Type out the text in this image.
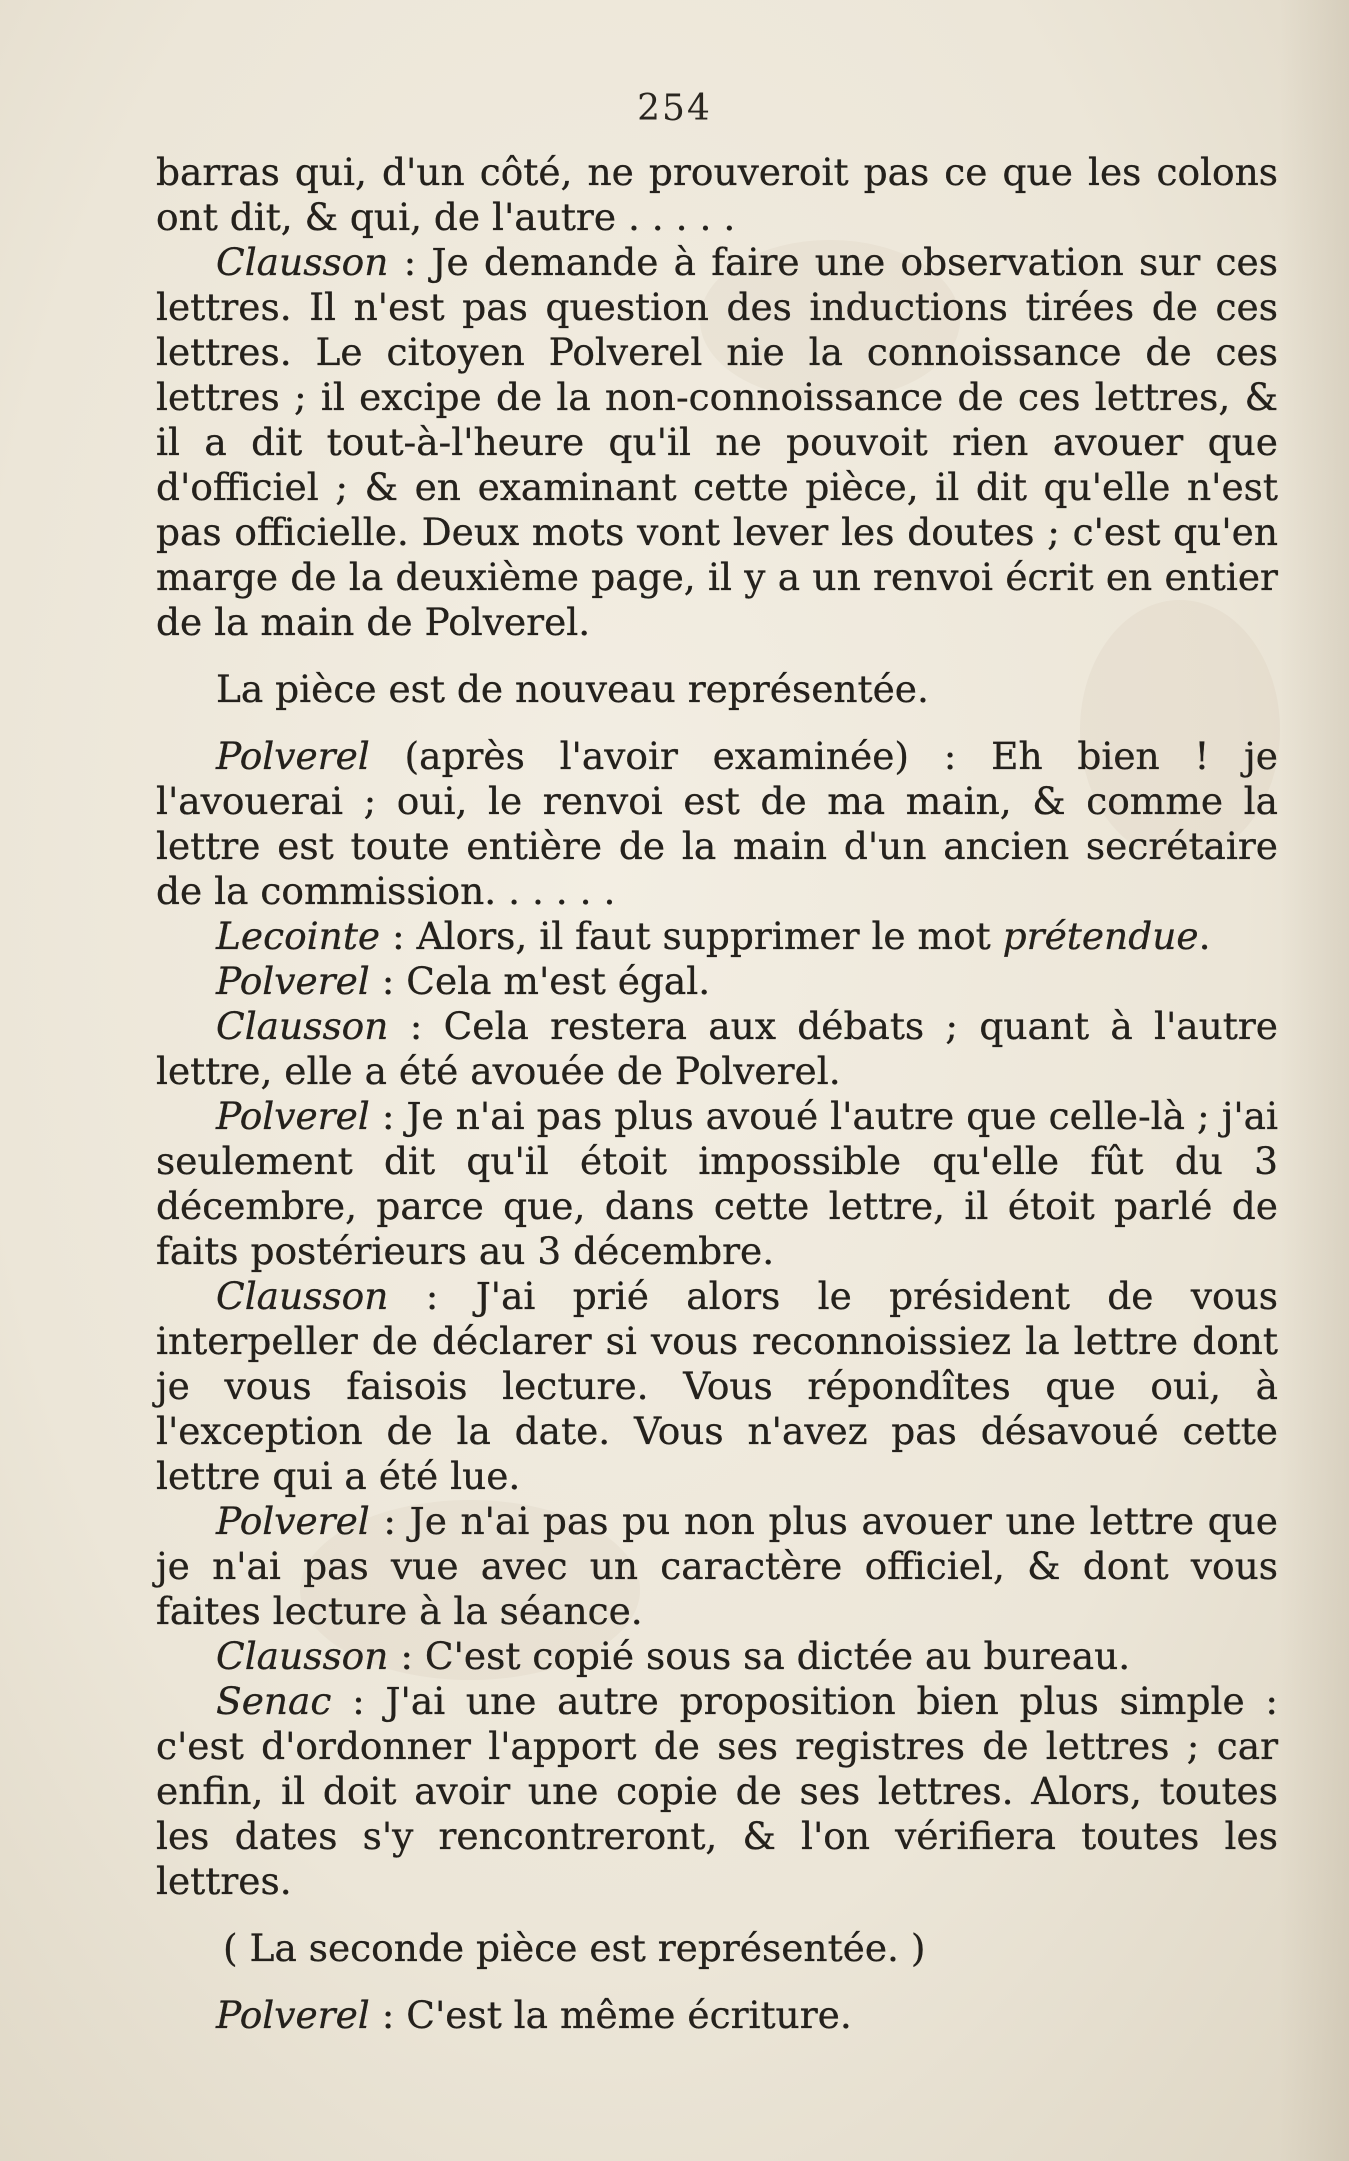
254

barras qui, d'un côté, ne prouveroit pas ce que les colons ont dit, & qui, de l'autre . . . . .

Clausson : Je demande à faire une observation sur ces lettres. Il n'est pas question des inductions tirées de ces lettres. Le citoyen Polverel nie la connoissance de ces lettres ; il excipe de la non-connoissance de ces lettres, & il a dit tout-à-l'heure qu'il ne pouvoit rien avouer que d'officiel ; & en examinant cette pièce, il dit qu'elle n'est pas officielle. Deux mots vont lever les doutes ; c'est qu'en marge de la deuxième page, il y a un renvoi écrit en entier de la main de Polverel.

La pièce est de nouveau représentée.

Polverel (après l'avoir examinée) : Eh bien ! je l'avouerai ; oui, le renvoi est de ma main, & comme la lettre est toute entière de la main d'un ancien secrétaire de la commission. . . . . .

Lecointe : Alors, il faut supprimer le mot prétendue.

Polverel : Cela m'est égal.

Clausson : Cela restera aux débats ; quant à l'autre lettre, elle a été avouée de Polverel.

Polverel : Je n'ai pas plus avoué l'autre que celle-là ; j'ai seulement dit qu'il étoit impossible qu'elle fût du 3 décembre, parce que, dans cette lettre, il étoit parlé de faits postérieurs au 3 décembre.

Clausson : J'ai prié alors le président de vous interpeller de déclarer si vous reconnoissiez la lettre dont je vous faisois lecture. Vous répondîtes que oui, à l'exception de la date. Vous n'avez pas désavoué cette lettre qui a été lue.

Polverel : Je n'ai pas pu non plus avouer une lettre que je n'ai pas vue avec un caractère officiel, & dont vous faites lecture à la séance.

Clausson : C'est copié sous sa dictée au bureau.

Senac : J'ai une autre proposition bien plus simple : c'est d'ordonner l'apport de ses registres de lettres ; car enfin, il doit avoir une copie de ses lettres. Alors, toutes les dates s'y rencontreront, & l'on vérifiera toutes les lettres.

( La seconde pièce est représentée. )

Polverel : C'est la même écriture.
